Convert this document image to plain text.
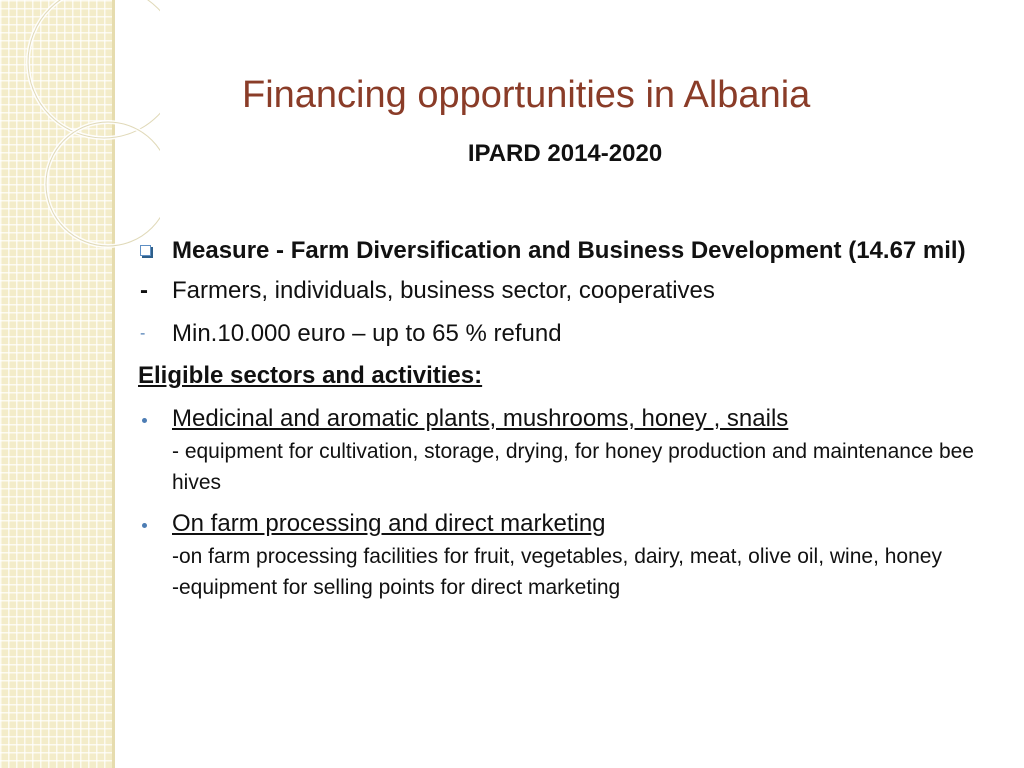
Financing opportunities in Albania
IPARD 2014-2020
Measure - Farm Diversification and Business Development (14.67 mil)
- Farmers, individuals, business sector, cooperatives
- Min.10.000 euro – up to 65 % refund
Eligible sectors and activities:
Medicinal and aromatic plants, mushrooms, honey , snails
- equipment for cultivation, storage, drying, for honey production and maintenance bee hives
On farm processing and direct marketing
-on farm processing facilities for fruit, vegetables, dairy, meat, olive oil, wine, honey
-equipment for selling points for direct marketing
